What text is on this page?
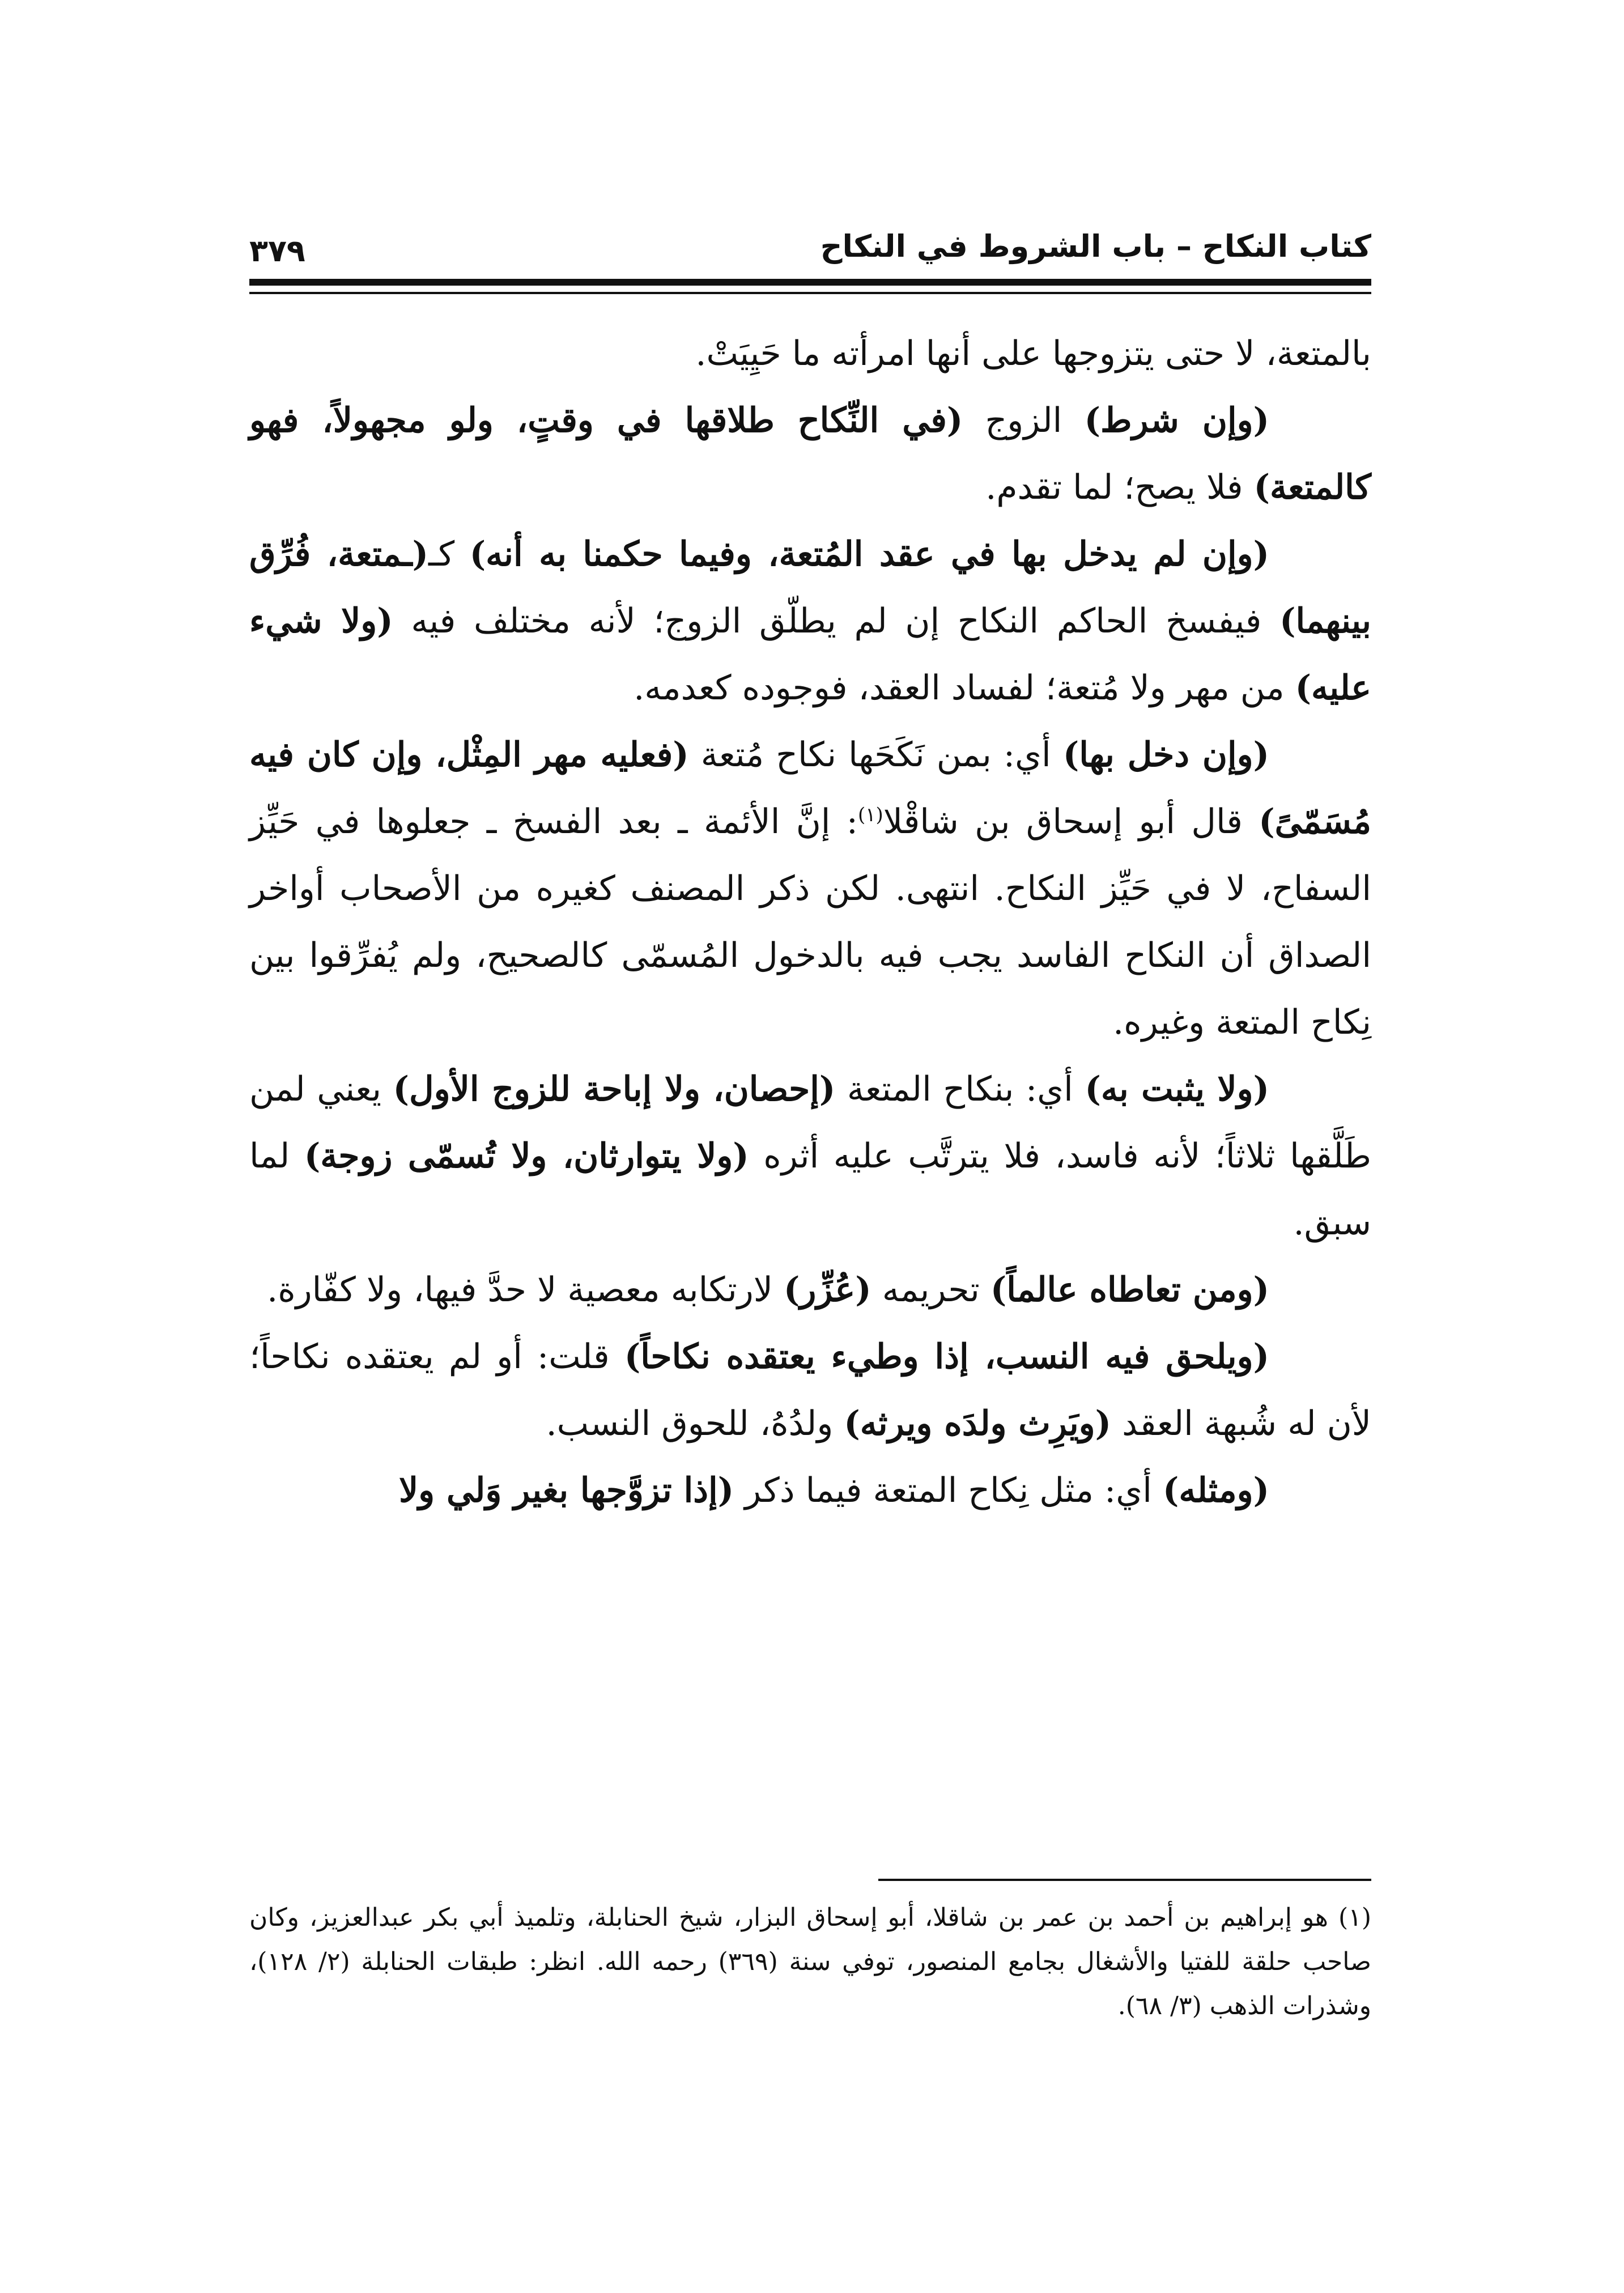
كتاب النكاح – باب الشروط في النكاح
٣٧٩

بالمتعة، لا حتى يتزوجها على أنها امرأته ما حَيِيَتْ.

(وإن شرط) الزوج (في النِّكاح طلاقها في وقتٍ، ولو مجهولاً، فهو كالمتعة) فلا يصح؛ لما تقدم.

(وإن لم يدخل بها في عقد المُتعة، وفيما حكمنا به أنه) كـ(ـمتعة، فُرِّق بينهما) فيفسخ الحاكم النكاح إن لم يطلّق الزوج؛ لأنه مختلف فيه (ولا شيء عليه) من مهر ولا مُتعة؛ لفساد العقد، فوجوده كعدمه.

(وإن دخل بها) أي: بمن نَكَحَها نكاح مُتعة (فعليه مهر المِثْل، وإن كان فيه مُسَمّىً) قال أبو إسحاق بن شاقْلا$^{(١)}$: إنَّ الأئمة ـ بعد الفسخ ـ جعلوها في حَيِّز السفاح، لا في حَيِّز النكاح. انتهى. لكن ذكر المصنف كغيره من الأصحاب أواخر الصداق أن النكاح الفاسد يجب فيه بالدخول المُسمّى كالصحيح، ولم يُفرِّقوا بين نِكاح المتعة وغيره.

(ولا يثبت به) أي: بنكاح المتعة (إحصان، ولا إباحة للزوج الأول) يعني لمن طَلَّقها ثلاثاً؛ لأنه فاسد، فلا يترتَّب عليه أثره (ولا يتوارثان، ولا تُسمّى زوجة) لما سبق.

(ومن تعاطاه عالماً) تحريمه (عُزِّر) لارتكابه معصية لا حدَّ فيها، ولا كفّارة.

(ويلحق فيه النسب، إذا وطيء يعتقده نكاحاً) قلت: أو لم يعتقده نكاحاً؛ لأن له شُبهة العقد (ويَرِث ولدَه ويرثه) ولدُهُ، للحوق النسب.

(ومثله) أي: مثل نِكاح المتعة فيما ذكر (إذا تزوَّجها بغير وَلي ولا

(١) هو إبراهيم بن أحمد بن عمر بن شاقلا، أبو إسحاق البزار، شيخ الحنابلة، وتلميذ أبي بكر عبدالعزيز، وكان صاحب حلقة للفتيا والأشغال بجامع المنصور، توفي سنة (٣٦٩) رحمه الله. انظر: طبقات الحنابلة (٢/ ١٢٨)، وشذرات الذهب (٣/ ٦٨).
